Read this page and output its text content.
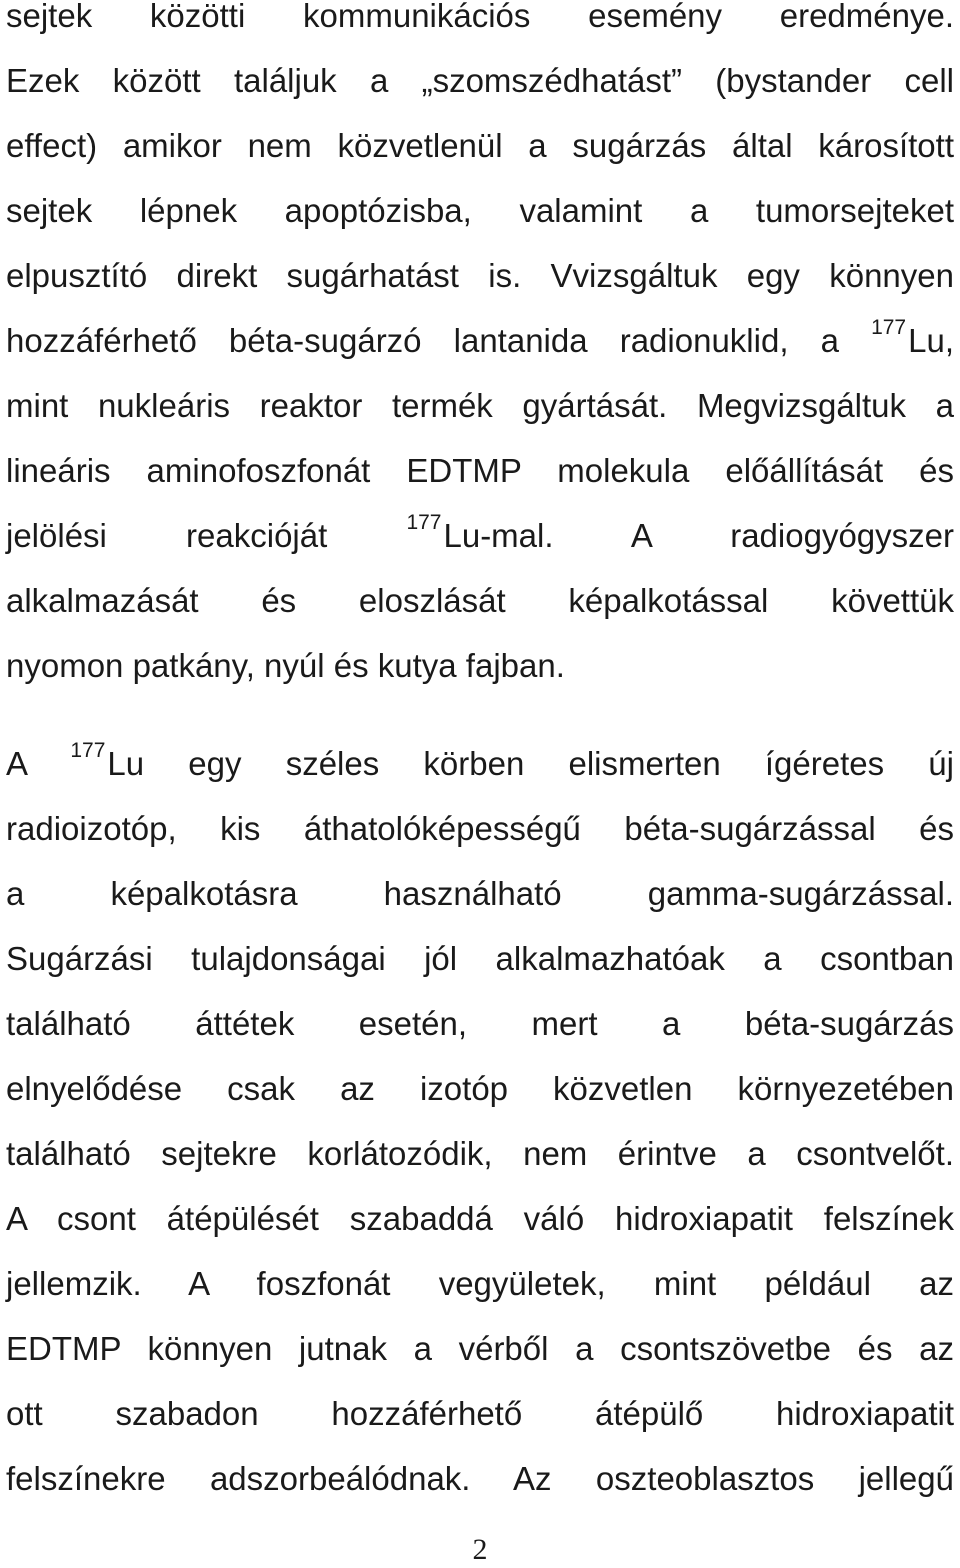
sejtek közötti kommunikációs esemény eredménye.
Ezek között találjuk a „szomszédhatást” (bystander cell
effect) amikor nem közvetlenül a sugárzás által károsított
sejtek lépnek apoptózisba, valamint a tumorsejteket
elpusztító direkt sugárhatást is. Vvizsgáltuk egy könnyen
hozzáférhető béta-sugárzó lantanida radionuklid, a $^{177}$Lu,
mint nukleáris reaktor termék gyártását. Megvizsgáltuk a
lineáris aminofoszfonát EDTMP molekula előállítását és
jelölési reakcióját $^{177}$Lu-mal. A radiogyógyszer
alkalmazását és eloszlását képalkotással követtük
nyomon patkány, nyúl és kutya fajban.
A $^{177}$Lu egy széles körben elismerten ígéretes új
radioizotóp, kis áthatolóképességű béta-sugárzással és
a képalkotásra használható gamma-sugárzással.
Sugárzási tulajdonságai jól alkalmazhatóak a csontban
található áttétek esetén, mert a béta-sugárzás
elnyelődése csak az izotóp közvetlen környezetében
található sejtekre korlátozódik, nem érintve a csontvelőt.
A csont átépülését szabaddá váló hidroxiapatit felszínek
jellemzik. A foszfonát vegyületek, mint például az
EDTMP könnyen jutnak a vérből a csontszövetbe és az
ott szabadon hozzáférhető átépülő hidroxiapatit
felszínekre adszorbeálódnak. Az oszteoblasztos jellegű
2
